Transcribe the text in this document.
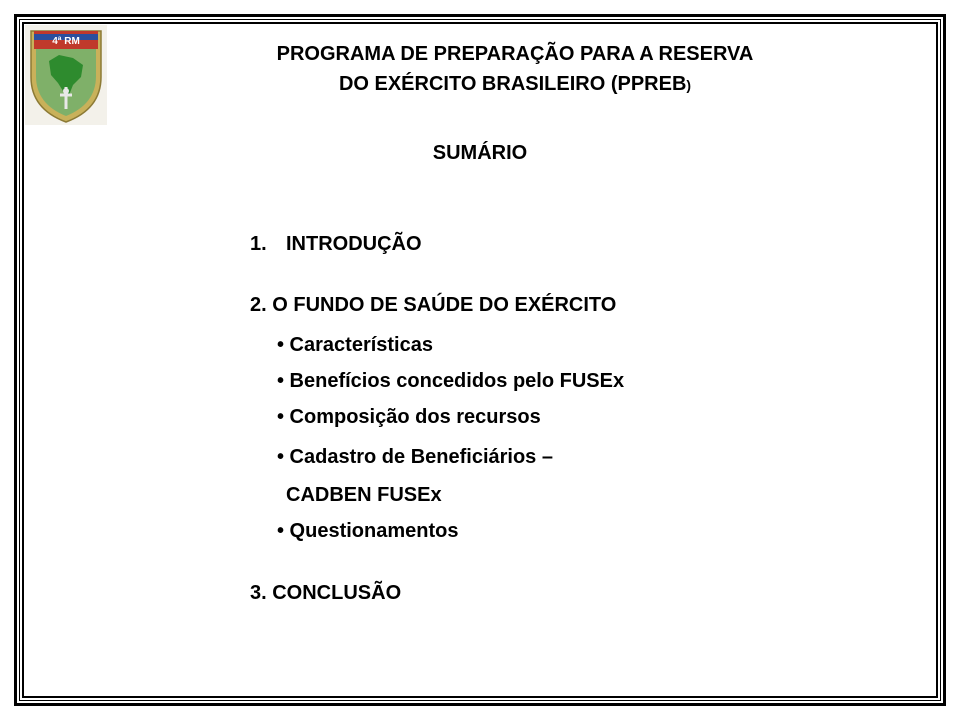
4ª RM
PROGRAMA DE PREPARAÇÃO PARA A RESERVA
DO EXÉRCITO BRASILEIRO (PPREB)
SUMÁRIO
1. INTRODUÇÃO
2. O FUNDO DE SAÚDE DO EXÉRCITO
• Características
• Benefícios concedidos pelo FUSEx
• Composição dos recursos
• Cadastro de Beneficiários –
CADBEN FUSEx
• Questionamentos
3. CONCLUSÃO
